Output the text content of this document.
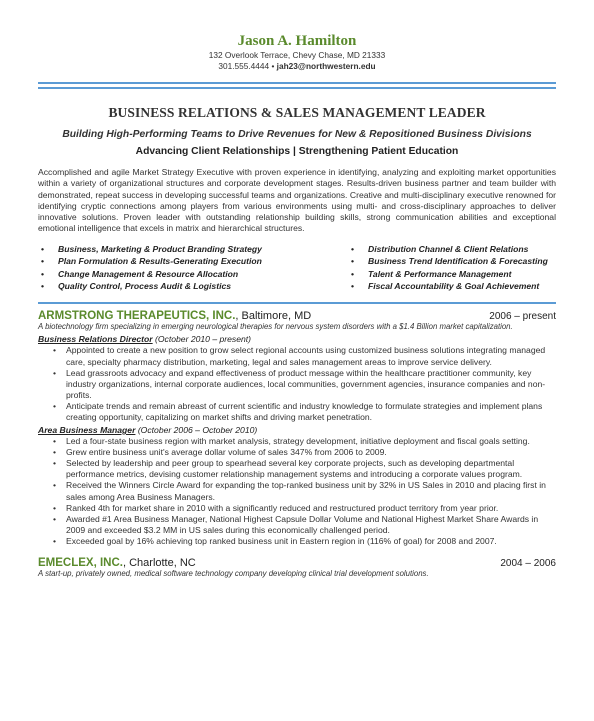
Jason A. Hamilton
132 Overlook Terrace, Chevy Chase, MD 21333
301.555.4444 • jah23@northwestern.edu
BUSINESS RELATIONS & SALES MANAGEMENT LEADER
Building High-Performing Teams to Drive Revenues for New & Repositioned Business Divisions
Advancing Client Relationships | Strengthening Patient Education
Accomplished and agile Market Strategy Executive with proven experience in identifying, analyzing and exploiting market opportunities within a variety of organizational structures and corporate development stages. Results-driven business partner and team builder with demonstrated, repeat success in developing successful teams and organizations. Creative and multi-disciplinary executive renowned for identifying cryptic connections among players from various environments using multi- and cross-disciplinary approaches to deliver innovative solutions. Proven leader with outstanding relationship building skills, strong communication abilities and exceptional emotional intelligence that excels in matrix and hierarchical structures.
• Business, Marketing & Product Branding Strategy
• Plan Formulation & Results-Generating Execution
• Change Management & Resource Allocation
• Quality Control, Process Audit & Logistics
• Distribution Channel & Client Relations
• Business Trend Identification & Forecasting
• Talent & Performance Management
• Fiscal Accountability & Goal Achievement
ARMSTRONG THERAPEUTICS, INC., Baltimore, MD	2006 – present
A biotechnology firm specializing in emerging neurological therapies for nervous system disorders with a $1.4 Billion market capitalization.
Business Relations Director (October 2010 – present)
• Appointed to create a new position to grow select regional accounts using customized business solutions integrating managed care, specialty pharmacy distribution, marketing, legal and sales management areas to improve service delivery.
• Lead grassroots advocacy and expand effectiveness of product message within the healthcare practitioner community, key industry organizations, internal corporate audiences, local communities, government agencies, insurance companies and non-profits.
• Anticipate trends and remain abreast of current scientific and industry knowledge to formulate strategies and implement plans creating opportunity, capitalizing on market shifts and driving market penetration.
Area Business Manager (October 2006 – October 2010)
• Led a four-state business region with market analysis, strategy development, initiative deployment and fiscal goals setting.
• Grew entire business unit's average dollar volume of sales 347% from 2006 to 2009.
• Selected by leadership and peer group to spearhead several key corporate projects, such as developing departmental performance metrics, devising customer relationship management systems and introducing a corporate values program.
• Received the Winners Circle Award for expanding the top-ranked business unit by 32% in US Sales in 2010 and placing first in sales among Area Business Managers.
• Ranked 4th for market share in 2010 with a significantly reduced and restructured product territory from year prior.
• Awarded #1 Area Business Manager, National Highest Capsule Dollar Volume and National Highest Market Share Awards in 2009 and exceeded $3.2 MM in US sales during this economically challenged period.
• Exceeded goal by 16% achieving top ranked business unit in Eastern region in (116% of goal) for 2008 and 2007.
EMECLEX, INC., Charlotte, NC	2004 – 2006
A start-up, privately owned, medical software technology company developing clinical trial development solutions.
